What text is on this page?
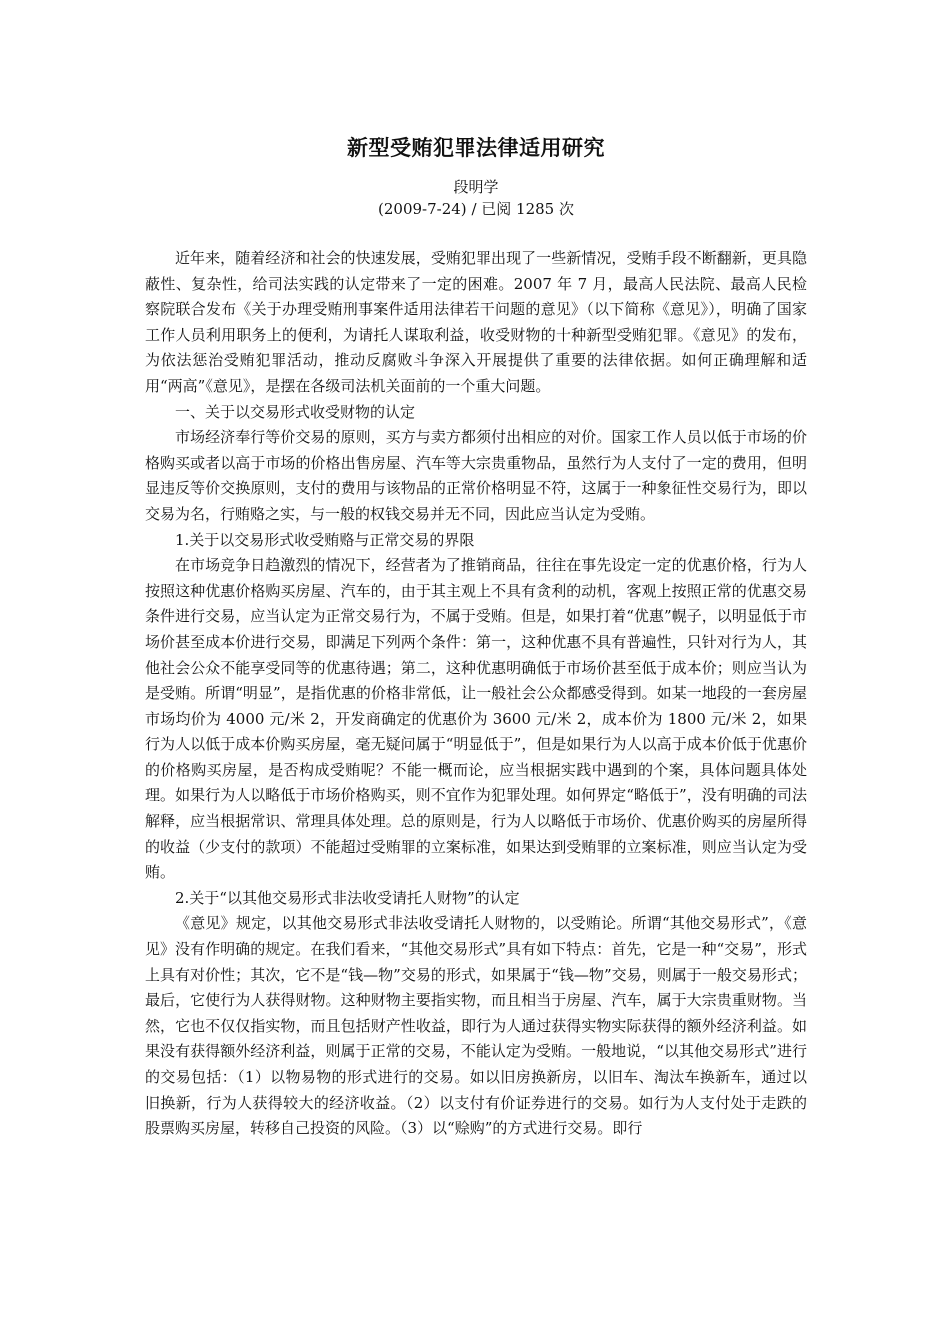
新型受贿犯罪法律适用研究

段明学

(2009-7-24) / 已阅 1285 次

近年来，随着经济和社会的快速发展，受贿犯罪出现了一些新情况，受贿手段不断翻新，更具隐蔽性、复杂性，给司法实践的认定带来了一定的困难。2007 年 7 月，最高人民法院、最高人民检察院联合发布《关于办理受贿刑事案件适用法律若干问题的意见》（以下简称《意见》），明确了国家工作人员利用职务上的便利，为请托人谋取利益，收受财物的十种新型受贿犯罪。《意见》的发布，为依法惩治受贿犯罪活动，推动反腐败斗争深入开展提供了重要的法律依据。如何正确理解和适用“两高”《意见》，是摆在各级司法机关面前的一个重大问题。

一、关于以交易形式收受财物的认定

市场经济奉行等价交易的原则，买方与卖方都须付出相应的对价。国家工作人员以低于市场的价格购买或者以高于市场的价格出售房屋、汽车等大宗贵重物品，虽然行为人支付了一定的费用，但明显违反等价交换原则，支付的费用与该物品的正常价格明显不符，这属于一种象征性交易行为，即以交易为名，行贿赂之实，与一般的权钱交易并无不同，因此应当认定为受贿。

1.关于以交易形式收受贿赂与正常交易的界限

在市场竞争日趋激烈的情况下，经营者为了推销商品，往往在事先设定一定的优惠价格，行为人按照这种优惠价格购买房屋、汽车的，由于其主观上不具有贪利的动机，客观上按照正常的优惠交易条件进行交易，应当认定为正常交易行为，不属于受贿。但是，如果打着“优惠”幌子，以明显低于市场价甚至成本价进行交易，即满足下列两个条件：第一，这种优惠不具有普遍性，只针对行为人，其他社会公众不能享受同等的优惠待遇；第二，这种优惠明确低于市场价甚至低于成本价；则应当认为是受贿。所谓“明显”，是指优惠的价格非常低，让一般社会公众都感受得到。如某一地段的一套房屋市场均价为 4000 元/米 2，开发商确定的优惠价为 3600 元/米 2，成本价为 1800 元/米 2，如果行为人以低于成本价购买房屋，毫无疑问属于“明显低于”，但是如果行为人以高于成本价低于优惠价的价格购买房屋，是否构成受贿呢？不能一概而论，应当根据实践中遇到的个案，具体问题具体处理。如果行为人以略低于市场价格购买，则不宜作为犯罪处理。如何界定“略低于”，没有明确的司法解释，应当根据常识、常理具体处理。总的原则是，行为人以略低于市场价、优惠价购买的房屋所得的收益（少支付的款项）不能超过受贿罪的立案标准，如果达到受贿罪的立案标准，则应当认定为受贿。

2.关于“以其他交易形式非法收受请托人财物”的认定

《意见》规定，以其他交易形式非法收受请托人财物的，以受贿论。所谓“其他交易形式”，《意见》没有作明确的规定。在我们看来，“其他交易形式”具有如下特点：首先，它是一种“交易”，形式上具有对价性；其次，它不是“钱—物”交易的形式，如果属于“钱—物”交易，则属于一般交易形式；最后，它使行为人获得财物。这种财物主要指实物，而且相当于房屋、汽车，属于大宗贵重财物。当然，它也不仅仅指实物，而且包括财产性收益，即行为人通过获得实物实际获得的额外经济利益。如果没有获得额外经济利益，则属于正常的交易，不能认定为受贿。一般地说，“以其他交易形式”进行的交易包括：（1）以物易物的形式进行的交易。如以旧房换新房，以旧车、淘汰车换新车，通过以旧换新，行为人获得较大的经济收益。（2）以支付有价证券进行的交易。如行为人支付处于走跌的股票购买房屋，转移自己投资的风险。（3）以“赊购”的方式进行交易。即行
